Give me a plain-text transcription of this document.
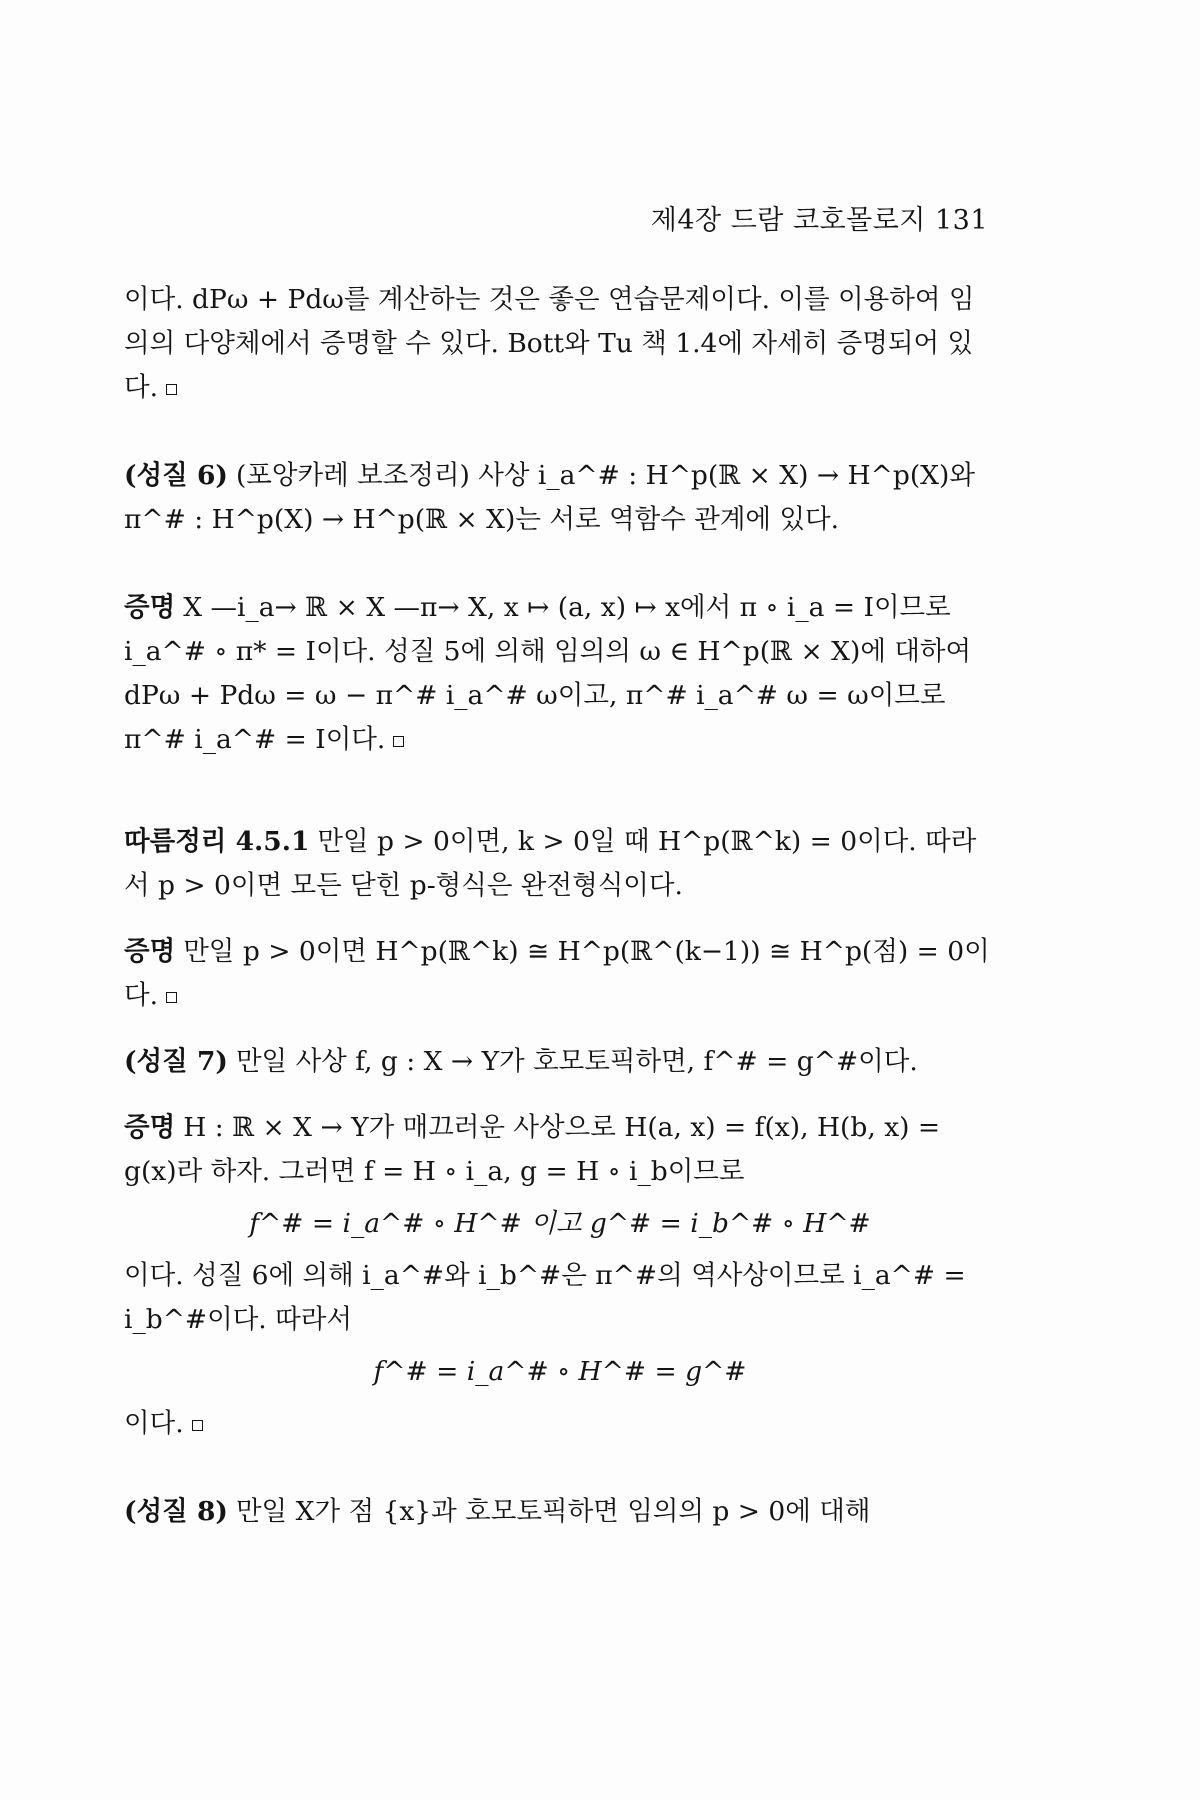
제4장 드람 코호몰로지 131

이다. dPω + Pdω를 계산하는 것은 좋은 연습문제이다. 이를 이용하여 임의의 다양체에서 증명할 수 있다. Bott와 Tu 책 1.4에 자세히 증명되어 있다.

(성질 6) (포앙카레 보조정리) 사상 i_a^# : H^p(ℝ × X) → H^p(X)와 π^# : H^p(X) → H^p(ℝ × X)는 서로 역함수 관계에 있다.

증명 X —i_a→ ℝ × X —π→ X, x ↦ (a, x) ↦ x에서 π ∘ i_a = I이므로 i_a^# ∘ π* = I이다. 성질 5에 의해 임의의 ω ∈ H^p(ℝ × X)에 대하여 dPω + Pdω = ω − π^# i_a^# ω이고, π^# i_a^# ω = ω이므로 π^# i_a^# = I이다.

따름정리 4.5.1 만일 p > 0이면, k > 0일 때 H^p(ℝ^k) = 0이다. 따라서 p > 0이면 모든 닫힌 p-형식은 완전형식이다.

증명 만일 p > 0이면 H^p(ℝ^k) ≅ H^p(ℝ^(k−1)) ≅ H^p(점) = 0이다.

(성질 7) 만일 사상 f, g : X → Y가 호모토픽하면, f^# = g^#이다.

증명 H : ℝ × X → Y가 매끄러운 사상으로 H(a, x) = f(x), H(b, x) = g(x)라 하자. 그러면 f = H ∘ i_a, g = H ∘ i_b이므로

f^# = i_a^# ∘ H^# 이고 g^# = i_b^# ∘ H^#

이다. 성질 6에 의해 i_a^#와 i_b^#은 π^#의 역사상이므로 i_a^# = i_b^#이다. 따라서

f^# = i_a^# ∘ H^# = g^#

이다.

(성질 8) 만일 X가 점 {x}과 호모토픽하면 임의의 p > 0에 대해
